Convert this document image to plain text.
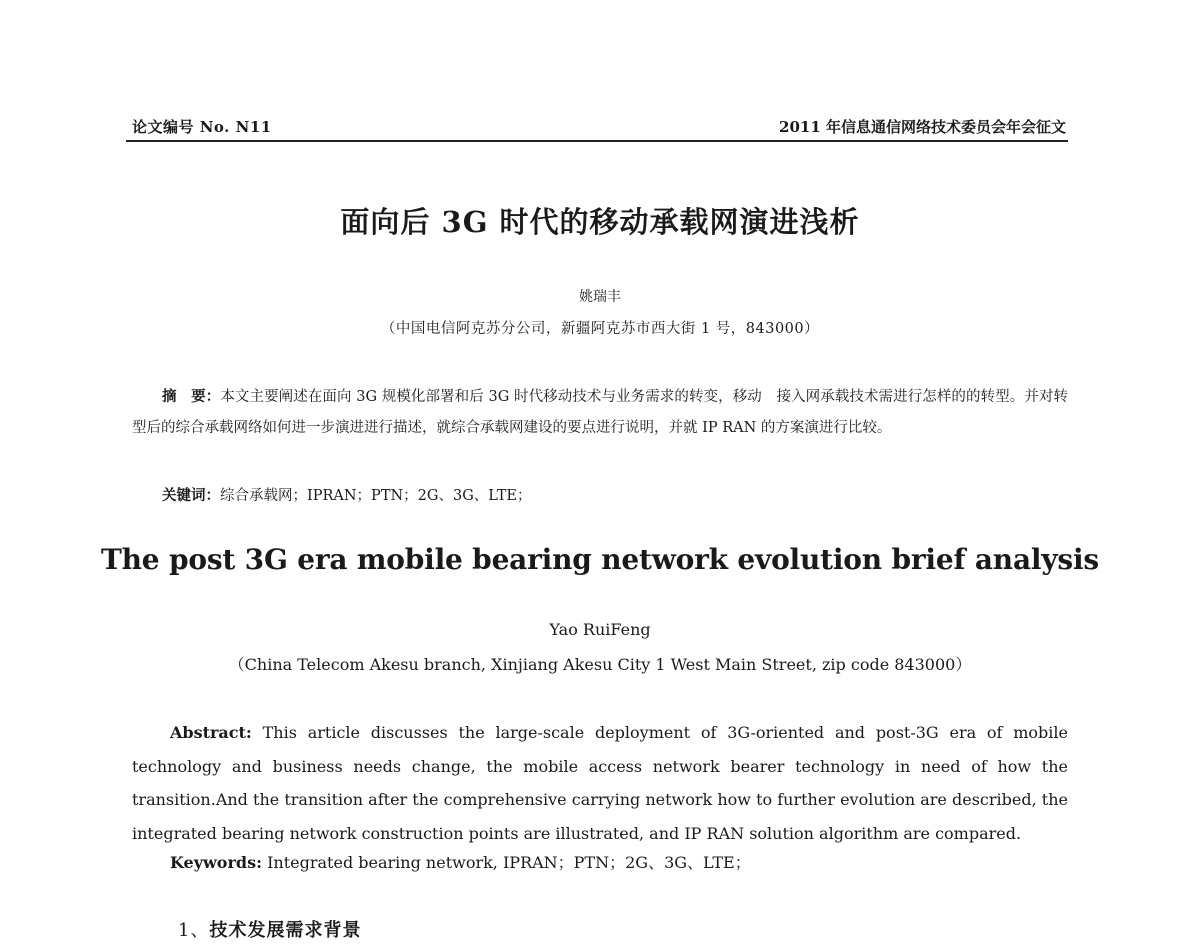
论文编号 No. N11	2011 年信息通信网络技术委员会年会征文
面向后 3G 时代的移动承载网演进浅析
姚瑞丰
（中国电信阿克苏分公司，新疆阿克苏市西大街 1 号，843000）
摘　要：本文主要阐述在面向 3G 规模化部署和后 3G 时代移动技术与业务需求的转变，移动　接入网承载技术需进行怎样的的转型。并对转型后的综合承载网络如何进一步演进进行描述，就综合承载网建设的要点进行说明，并就 IP RAN 的方案演进行比较。
关键词：综合承载网；IPRAN；PTN；2G、3G、LTE；
The post 3G era mobile bearing network evolution brief analysis
Yao RuiFeng
（China Telecom Akesu branch, Xinjiang Akesu City 1 West Main Street, zip code 843000）
Abstract: This article discusses the large-scale deployment of 3G-oriented and post-3G era of mobile technology and business needs change, the mobile access network bearer technology in need of how the transition.And the transition after the comprehensive carrying network how to further evolution are described, the integrated bearing network construction points are illustrated, and IP RAN solution algorithm are compared.
Keywords: Integrated bearing network, IPRAN；PTN；2G、3G、LTE；
1、技术发展需求背景
